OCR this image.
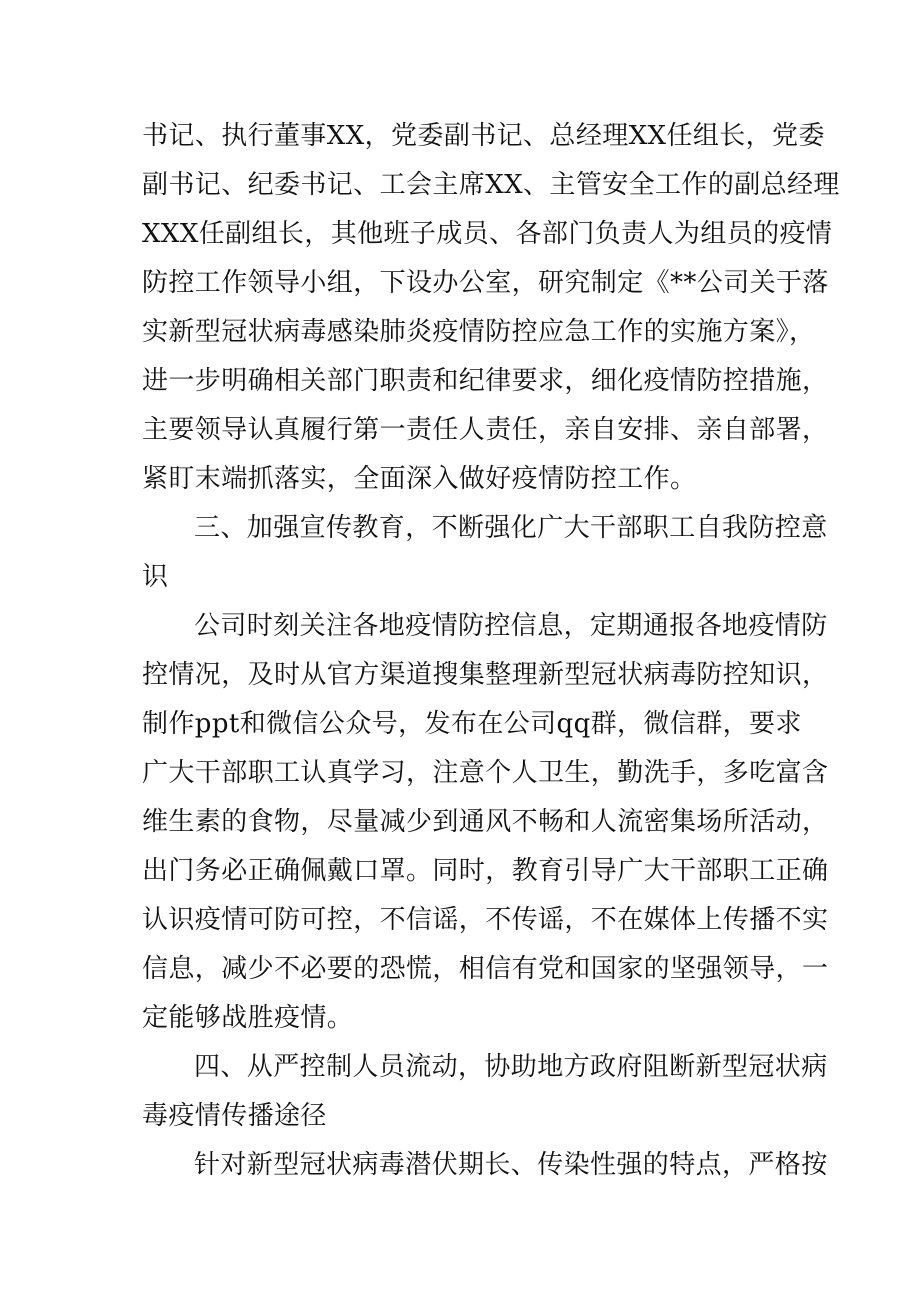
书记、执行董事XX，党委副书记、总经理XX任组长，党委
副书记、纪委书记、工会主席XX、主管安全工作的副总经理
XXX任副组长，其他班子成员、各部门负责人为组员的疫情
防控工作领导小组，下设办公室，研究制定《**公司关于落
实新型冠状病毒感染肺炎疫情防控应急工作的实施方案》，
进一步明确相关部门职责和纪律要求，细化疫情防控措施，
主要领导认真履行第一责任人责任，亲自安排、亲自部署，
紧盯末端抓落实，全面深入做好疫情防控工作。
三、加强宣传教育，不断强化广大干部职工自我防控意
识
公司时刻关注各地疫情防控信息，定期通报各地疫情防
控情况，及时从官方渠道搜集整理新型冠状病毒防控知识，
制作ppt和微信公众号，发布在公司qq群，微信群，要求
广大干部职工认真学习，注意个人卫生，勤洗手，多吃富含
维生素的食物，尽量减少到通风不畅和人流密集场所活动，
出门务必正确佩戴口罩。同时，教育引导广大干部职工正确
认识疫情可防可控，不信谣，不传谣，不在媒体上传播不实
信息，减少不必要的恐慌，相信有党和国家的坚强领导，一
定能够战胜疫情。
四、从严控制人员流动，协助地方政府阻断新型冠状病
毒疫情传播途径
针对新型冠状病毒潜伏期长、传染性强的特点，严格按
